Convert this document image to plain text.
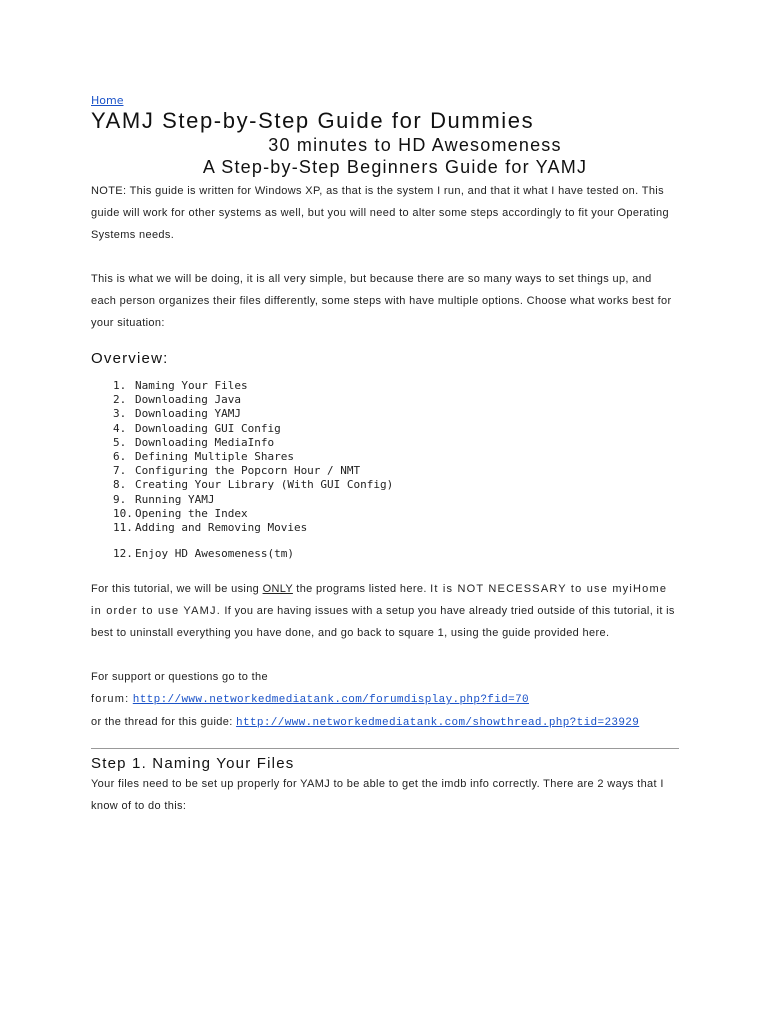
Home
YAMJ Step-by-Step Guide for Dummies
30 minutes to HD Awesomeness
A Step-by-Step Beginners Guide for YAMJ

NOTE: This guide is written for Windows XP, as that is the system I run, and that it what I have tested on. This guide will work for other systems as well, but you will need to alter some steps accordingly to fit your Operating Systems needs.

This is what we will be doing, it is all very simple, but because there are so many ways to set things up, and each person organizes their files differently, some steps with have multiple options. Choose what works best for your situation:

Overview:
1. Naming Your Files
2. Downloading Java
3. Downloading YAMJ
4. Downloading GUI Config
5. Downloading MediaInfo
6. Defining Multiple Shares
7. Configuring the Popcorn Hour / NMT
8. Creating Your Library (With GUI Config)
9. Running YAMJ
10. Opening the Index
11. Adding and Removing Movies
12. Enjoy HD Awesomeness(tm)

For this tutorial, we will be using ONLY the programs listed here. It is NOT NECESSARY to use myiHome in order to use YAMJ. If you are having issues with a setup you have already tried outside of this tutorial, it is best to uninstall everything you have done, and go back to square 1, using the guide provided here.

For support or questions go to the
forum: http://www.networkedmediatank.com/forumdisplay.php?fid=70
or the thread for this guide: http://www.networkedmediatank.com/showthread.php?tid=23929

Step 1. Naming Your Files

Your files need to be set up properly for YAMJ to be able to get the imdb info correctly. There are 2 ways that I know of to do this:
